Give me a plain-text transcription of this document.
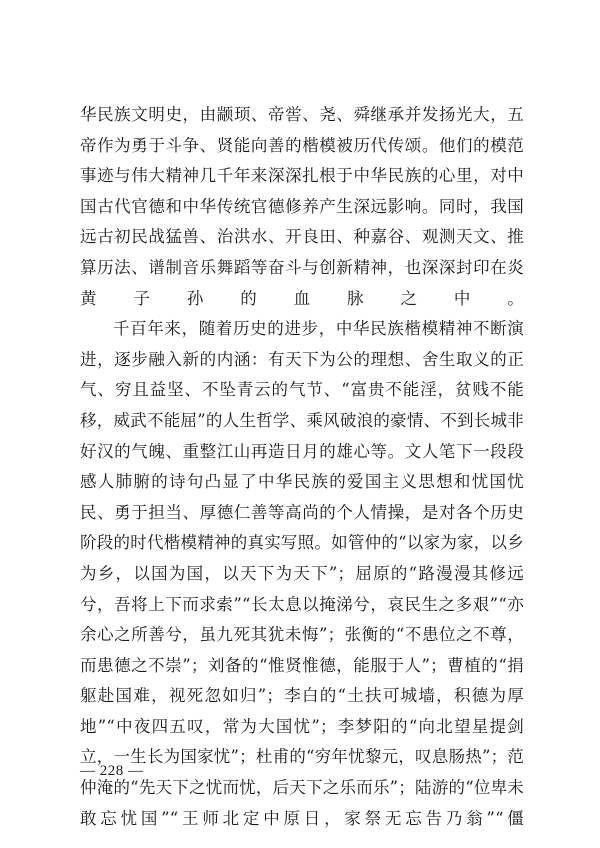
华民族文明史，由颛顼、帝喾、尧、舜继承并发扬光大，五帝作为勇于斗争、贤能向善的楷模被历代传颂。他们的模范事迹与伟大精神几千年来深深扎根于中华民族的心里，对中国古代官德和中华传统官德修养产生深远影响。同时，我国远古初民战猛兽、治洪水、开良田、种嘉谷、观测天文、推算历法、谱制音乐舞蹈等奋斗与创新精神，也深深封印在炎黄子孙的血脉之中。

千百年来，随着历史的进步，中华民族楷模精神不断演进，逐步融入新的内涵：有天下为公的理想、舍生取义的正气、穷且益坚、不坠青云的气节、“富贵不能淫，贫贱不能移，威武不能屈”的人生哲学、乘风破浪的豪情、不到长城非好汉的气魄、重整江山再造日月的雄心等。文人笔下一段段感人肺腑的诗句凸显了中华民族的爱国主义思想和忧国忧民、勇于担当、厚德仁善等高尚的个人情操，是对各个历史阶段的时代楷模精神的真实写照。如管仲的“以家为家，以乡为乡，以国为国，以天下为天下”；屈原的“路漫漫其修远兮，吾将上下而求索”“长太息以掩涕兮，哀民生之多艰”“亦余心之所善兮，虽九死其犹未悔”；张衡的“不患位之不尊，而患德之不崇”；刘备的“惟贤惟德，能服于人”；曹植的“捐躯赴国难，视死忽如归”；李白的“土扶可城墙，积德为厚地”“中夜四五叹，常为大国忧”；李梦阳的“向北望星提剑立，一生长为国家忧”；杜甫的“穷年忧黎元，叹息肠热”；范仲淹的“先天下之忧而忧，后天下之乐而乐”；陆游的“位卑未敢忘忧国”“王师北定中原日，家祭无忘告乃翁”“僵

— 228 —
